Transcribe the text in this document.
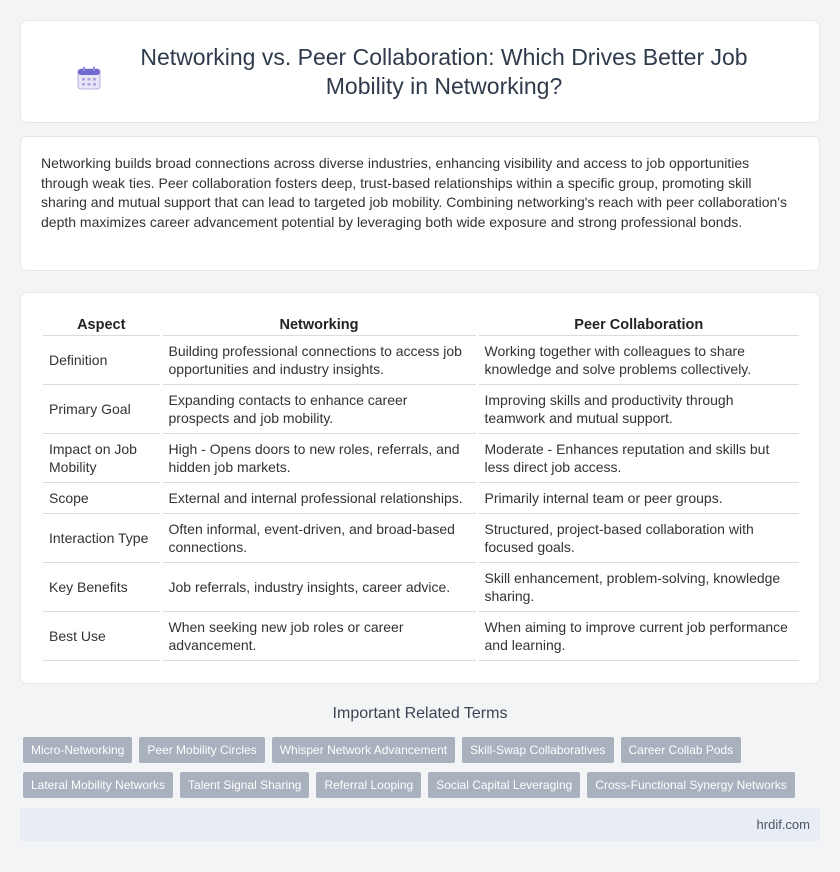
Networking vs. Peer Collaboration: Which Drives Better Job Mobility in Networking?

Networking builds broad connections across diverse industries, enhancing visibility and access to job opportunities through weak ties. Peer collaboration fosters deep, trust-based relationships within a specific group, promoting skill sharing and mutual support that can lead to targeted job mobility. Combining networking's reach with peer collaboration's depth maximizes career advancement potential by leveraging both wide exposure and strong professional bonds.

Aspect	Networking	Peer Collaboration
Definition	Building professional connections to access job opportunities and industry insights.	Working together with colleagues to share knowledge and solve problems collectively.
Primary Goal	Expanding contacts to enhance career prospects and job mobility.	Improving skills and productivity through teamwork and mutual support.
Impact on Job Mobility	High - Opens doors to new roles, referrals, and hidden job markets.	Moderate - Enhances reputation and skills but less direct job access.
Scope	External and internal professional relationships.	Primarily internal team or peer groups.
Interaction Type	Often informal, event-driven, and broad-based connections.	Structured, project-based collaboration with focused goals.
Key Benefits	Job referrals, industry insights, career advice.	Skill enhancement, problem-solving, knowledge sharing.
Best Use	When seeking new job roles or career advancement.	When aiming to improve current job performance and learning.
Important Related Terms
Micro-Networking	Peer Mobility Circles	Whisper Network Advancement	Skill-Swap Collaboratives	Career Collab Pods
Lateral Mobility Networks	Talent Signal Sharing	Referral Looping	Social Capital Leveraging	Cross-Functional Synergy Networks
hrdif.com
